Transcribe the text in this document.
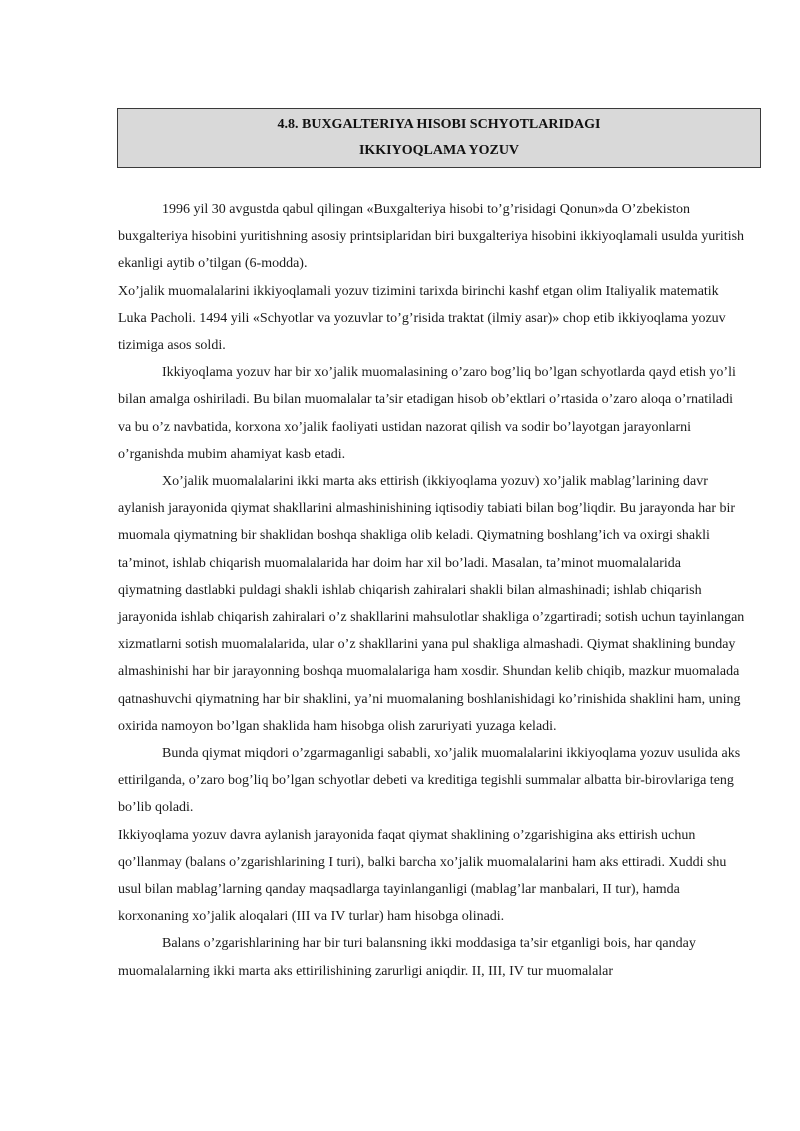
4.8. BUXGALTERIYA HISOBI SCHYOTLARIDAGI
IKKIYOQLAMA YOZUV

1996 yil 30 avgustda qabul qilingan «Buxgalteriya hisobi to’g’risidagi Qonun»da O’zbekiston buxgalteriya hisobini yuritishning asosiy printsiplaridan biri buxgalteriya hisobini ikkiyoqlamali usulda yuritish ekanligi aytib o’tilgan (6-modda).

Xo’jalik muomalalarini ikkiyoqlamali yozuv tizimini tarixda birinchi kashf etgan olim Italiyalik matematik Luka Pacholi. 1494 yili «Schyotlar va yozuvlar to’g’risida traktat (ilmiy asar)» chop etib ikkiyoqlama yozuv tizimiga asos soldi.

Ikkiyoqlama yozuv har bir xo’jalik muomalasining o’zaro bog’liq bo’lgan schyotlarda qayd etish yo’li bilan amalga oshiriladi. Bu bilan muomalalar ta’sir etadigan hisob ob’ektlari o’rtasida o’zaro aloqa o’rnatiladi va bu o’z navbatida, korxona xo’jalik faoliyati ustidan nazorat qilish va sodir bo’layotgan jarayonlarni o’rganishda mubim ahamiyat kasb etadi.

Xo’jalik muomalalarini ikki marta aks ettirish (ikkiyoqlama yozuv) xo’jalik mablag’larining davr aylanish jarayonida qiymat shakllarini almashinishining iqtisodiy tabiati bilan bog’liqdir. Bu jarayonda har bir muomala qiymatning bir shaklidan boshqa shakliga olib keladi. Qiymatning boshlang’ich va oxirgi shakli ta’minot, ishlab chiqarish muomalalarida har doim har xil bo’ladi. Masalan, ta’minot muomalalarida qiymatning dastlabki puldagi shakli ishlab chiqarish zahiralari shakli bilan almashinadi; ishlab chiqarish jarayonida ishlab chiqarish zahiralari o’z shakllarini mahsulotlar shakliga o’zgartiradi; sotish uchun tayinlangan xizmatlarni sotish muomalalarida, ular o’z shakllarini yana pul shakliga almashadi. Qiymat shaklining bunday almashinishi har bir jarayonning boshqa muomalalariga ham xosdir. Shundan kelib chiqib, mazkur muomalada qatnashuvchi qiymatning har bir shaklini, ya’ni muomalaning boshlanishidagi ko’rinishida shaklini ham, uning oxirida namoyon bo’lgan shaklida ham hisobga olish zaruriyati yuzaga keladi.

Bunda qiymat miqdori o’zgarmaganligi sababli, xo’jalik muomalalarini ikkiyoqlama yozuv usulida aks ettirilganda, o’zaro bog’liq bo’lgan schyotlar debeti va kreditiga tegishli summalar albatta bir-birovlariga teng bo’lib qoladi.

Ikkiyoqlama yozuv davra aylanish jarayonida faqat qiymat shaklining o’zgarishigina aks ettirish uchun qo’llanmay (balans o’zgarishlarining I turi), balki barcha xo’jalik muomalalarini ham aks ettiradi. Xuddi shu usul bilan mablag’larning qanday maqsadlarga tayinlanganligi (mablag’lar manbalari, II tur), hamda korxonaning xo’jalik aloqalari (III va IV turlar) ham hisobga olinadi.

Balans o’zgarishlarining har bir turi balansning ikki moddasiga ta’sir etganligi bois, har qanday muomalalarning ikki marta aks ettirilishining zarurligi aniqdir. II, III, IV tur muomalalar
